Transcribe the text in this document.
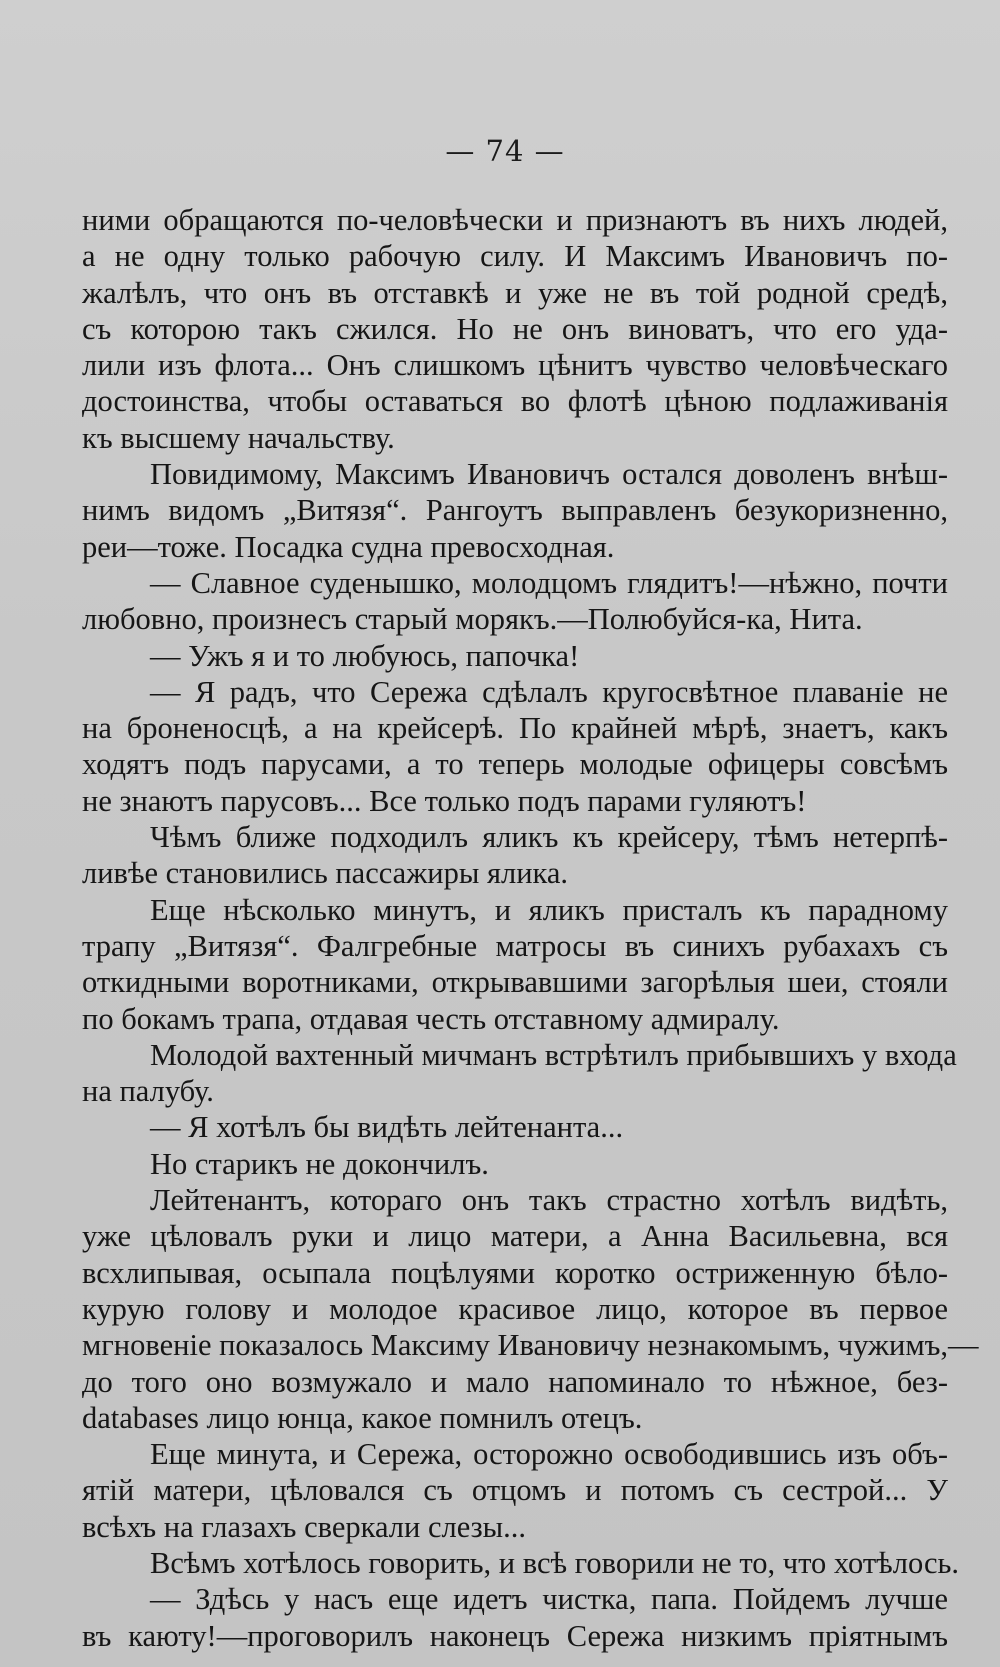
— 74 —
ними обращаются по-человѣчески и признаютъ въ нихъ людей,
а не одну только рабочую силу. И Максимъ Ивановичъ по-
жалѣлъ, что онъ въ отставкѣ и уже не въ той родной средѣ,
съ которою такъ сжился. Но не онъ виноватъ, что его уда-
лили изъ флота... Онъ слишкомъ цѣнитъ чувство человѣческаго
достоинства, чтобы оставаться во флотѣ цѣною подлаживанія
къ высшему начальству.
Повидимому, Максимъ Ивановичъ остался доволенъ внѣш-
нимъ видомъ „Витязя“. Рангоутъ выправленъ безукоризненно,
реи—тоже. Посадка судна превосходная.
— Славное суденышко, молодцомъ глядитъ!—нѣжно, почти
любовно, произнесъ старый морякъ.—Полюбуйся-ка, Нита.
— Ужъ я и то любуюсь, папочка!
— Я радъ, что Сережа сдѣлалъ кругосвѣтное плаваніе не
на броненосцѣ, а на крейсерѣ. По крайней мѣрѣ, знаетъ, какъ
ходятъ подъ парусами, а то теперь молодые офицеры совсѣмъ
не знаютъ парусовъ... Все только подъ парами гуляютъ!
Чѣмъ ближе подходилъ яликъ къ крейсеру, тѣмъ нетерпѣ-
ливѣе становились пассажиры ялика.
Еще нѣсколько минутъ, и яликъ присталъ къ парадному
трапу „Витязя“. Фалгребные матросы въ синихъ рубахахъ съ
откидными воротниками, открывавшими загорѣлыя шеи, стояли
по бокамъ трапа, отдавая честь отставному адмиралу.
Молодой вахтенный мичманъ встрѣтилъ прибывшихъ у входа
на палубу.
— Я хотѣлъ бы видѣть лейтенанта...
Но старикъ не докончилъ.
Лейтенантъ, котораго онъ такъ страстно хотѣлъ видѣть,
уже цѣловалъ руки и лицо матери, а Анна Васильевна, вся
всхлипывая, осыпала поцѣлуями коротко остриженную бѣло-
курую голову и молодое красивое лицо, которое въ первое
мгновеніе показалось Максиму Ивановичу незнакомымъ, чужимъ,—
до того оно возмужало и мало напоминало то нѣжное, без-
databases лицо юнца, какое помнилъ отецъ.
Еще минута, и Сережа, осторожно освободившись изъ объ-
ятій матери, цѣловался съ отцомъ и потомъ съ сестрой... У
всѣхъ на глазахъ сверкали слезы...
Всѣмъ хотѣлось говорить, и всѣ говорили не то, что хотѣлось.
— Здѣсь у насъ еще идетъ чистка, папа. Пойдемъ лучше
въ каюту!—проговорилъ наконецъ Сережа низкимъ пріятнымъ
